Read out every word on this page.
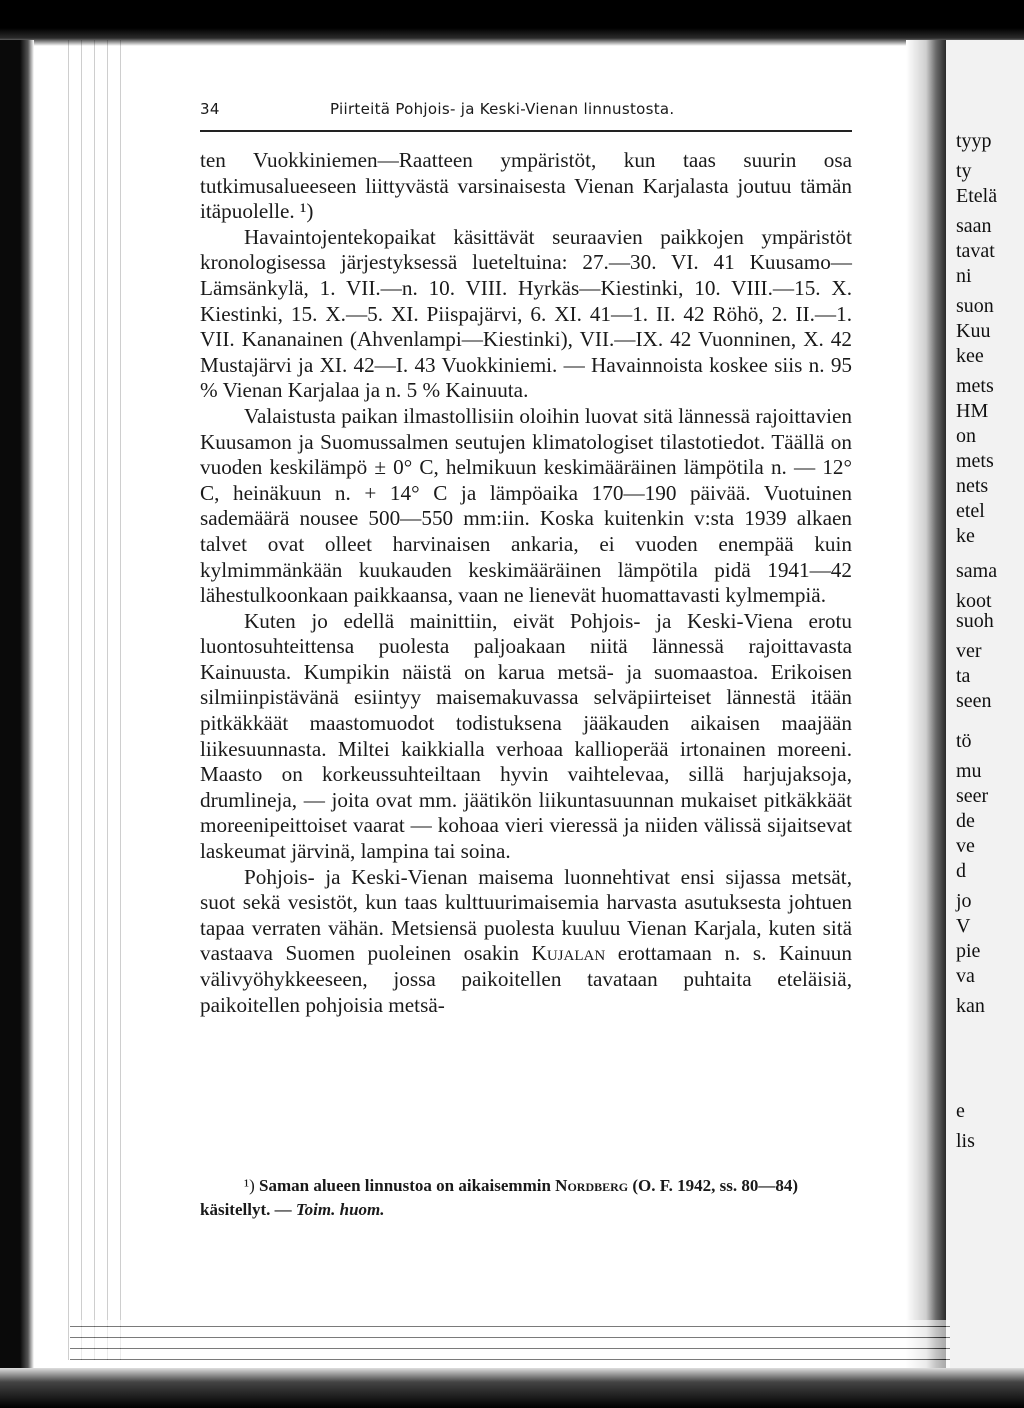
tyyp
ty
Etelä
saan
tavat
ni
suon
Kuu
kee
mets
HM
on
mets
nets
etel
ke
sama
koot
suoh
ver
ta
seen
tö
mu
seer
de
ve
d
jo
V
pie
va
kan
e
lis
34	Piirteitä Pohjois- ja Keski-Vienan linnustosta.

ten Vuokkiniemen—Raatteen ympäristöt, kun taas suurin osa tutkimusalueeseen liittyvästä varsinaisesta Vienan Karjalasta joutuu tämän itäpuolelle. ¹)

Havaintojentekopaikat käsittävät seuraavien paikkojen ympäristöt kronologisessa järjestyksessä lueteltuina: 27.—30. VI. 41 Kuusamo—Lämsänkylä, 1. VII.—n. 10. VIII. Hyrkäs—Kiestinki, 10. VIII.—15. X. Kiestinki, 15. X.—5. XI. Piispajärvi, 6. XI. 41—1. II. 42 Röhö, 2. II.—1. VII. Kananainen (Ahvenlampi—Kiestinki), VII.—IX. 42 Vuonninen, X. 42 Mustajärvi ja XI. 42—I. 43 Vuokkiniemi. — Havainnoista koskee siis n. 95 % Vienan Karjalaa ja n. 5 % Kainuuta.

Valaistusta paikan ilmastollisiin oloihin luovat sitä lännessä rajoittavien Kuusamon ja Suomussalmen seutujen klimatologiset tilastotiedot. Täällä on vuoden keskilämpö ± 0° C, helmikuun keskimääräinen lämpötila n. — 12° C, heinäkuun n. + 14° C ja lämpöaika 170—190 päivää. Vuotuinen sademäärä nousee 500—550 mm:iin. Koska kuitenkin v:sta 1939 alkaen talvet ovat olleet harvinaisen ankaria, ei vuoden enempää kuin kylmimmänkään kuukauden keskimääräinen lämpötila pidä 1941—42 lähestulkoonkaan paikkaansa, vaan ne lienevät huomattavasti kylmempiä.

Kuten jo edellä mainittiin, eivät Pohjois- ja Keski-Viena erotu luontosuhteittensa puolesta paljoakaan niitä lännessä rajoittavasta Kainuusta. Kumpikin näistä on karua metsä- ja suomaastoa. Erikoisen silmiinpistävänä esiintyy maisemakuvassa selväpiirteiset lännestä itään pitkäkkäät maastomuodot todistuksena jääkauden aikaisen maajään liikesuunnasta. Miltei kaikkialla verhoaa kallioperää irtonainen moreeni. Maasto on korkeussuhteiltaan hyvin vaihtelevaa, sillä harjujaksoja, drumlineja, — joita ovat mm. jäätikön liikuntasuunnan mukaiset pitkäkkäät moreenipeittoiset vaarat — kohoaa vieri vieressä ja niiden välissä sijaitsevat laskeumat järvinä, lampina tai soina.

Pohjois- ja Keski-Vienan maisema luonnehtivat ensi sijassa metsät, suot sekä vesistöt, kun taas kulttuurimaisemia harvasta asutuksesta johtuen tapaa verraten vähän. Metsiensä puolesta kuuluu Vienan Karjala, kuten sitä vastaava Suomen puoleinen osakin Kujalan erottamaan n. s. Kainuun välivyöhykkeeseen, jossa paikoitellen tavataan puhtaita eteläisiä, paikoitellen pohjoisia metsä-

¹) Saman alueen linnustoa on aikaisemmin Nordberg (O. F. 1942, ss. 80—84) käsitellyt. — Toim. huom.
